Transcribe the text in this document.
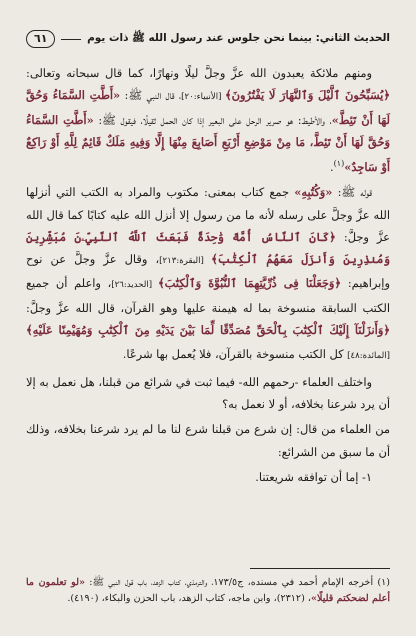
الحديث الثاني: بينما نحن جلوس عند رسول الله ﷺ ذات يوم
٦١

ومنهم ملائكة يعبدون الله عزَّ وجلَّ ليلًا ونهارًا، كما قال سبحانه وتعالى: ﴿يُسَبِّحُونَ ٱلَّيْلَ وَٱلنَّهَارَ لَا يَفْتُرُونَ﴾ [الأنبياء:٢٠]، قال النبي ﷺ: «أَطَّتِ السَّمَاءُ وَحُقَّ لَهَا أَنْ تَئِطَّ»، والأطيط: هو صرير الرحل على البعير إذا كان الحمل ثقيلًا، فيقول ﷺ: «أَطَّتِ السَّمَاءُ وَحُقَّ لَهَا أَنْ تَئِطَّ، مَا مِنْ مَوْضِعِ أَرْبَعِ أَصَابِعَ مِنْهَا إِلَّا وَفِيهِ مَلَكٌ قَائِمٌ لِلَّهِ أَوْ رَاكِعٌ أَوْ سَاجِدٌ»$^{(١)}$.

قوله ﷺ: «وَكُتُبِهِ» جمع كتاب بمعنى: مكتوب والمراد به الكتب التي أنزلها الله عزَّ وجلَّ على رسله لأنه ما من رسول إلا أنزل الله عليه كتابًا كما قال الله عزَّ وجلَّ: ﴿كَانَ ٱلنَّاسُ أُمَّةً وَٰحِدَةً فَبَعَثَ ٱللَّهُ ٱلنَّبِيِّۦنَ مُبَشِّرِينَ وَمُنذِرِينَ وَأَنزَلَ مَعَهُمُ ٱلْكِتَٰبَ﴾ [البقرة:٢١٣]، وقال عزَّ وجلَّ عن نوح وإبراهيم: ﴿وَجَعَلْنَا فِى ذُرِّيَّتِهِمَا ٱلنُّبُوَّةَ وَٱلْكِتَٰبَ﴾ [الحديد:٢٦]، واعلم أن جميع الكتب السابقة منسوخة بما له هيمنة عليها وهو القرآن، قال الله عزَّ وجلَّ: ﴿وَأَنزَلْنَآ إِلَيْكَ ٱلْكِتَٰبَ بِٱلْحَقِّ مُصَدِّقًا لِّمَا بَيْنَ يَدَيْهِ مِنَ ٱلْكِتَٰبِ وَمُهَيْمِنًا عَلَيْهِ﴾ [المائدة:٤٨] كل الكتب منسوخة بالقرآن، فلا يُعمل بها شرعًا.

واختلف العلماء -رحمهم الله- فيما ثبت في شرائع من قبلنا، هل نعمل به إلا أن يرد شرعنا بخلافه، أو لا نعمل به؟

من العلماء من قال: إن شرع من قبلنا شرع لنا ما لم يرد شرعنا بخلافه، وذلك أن ما سبق من الشرائع:

١- إما أن توافقه شريعتنا.

(١) أخرجه الإمام أحمد في مسنده، ج١٧٣/٥، والترمذي، كتاب الزهد، باب قول النبي ﷺ: «لو تعلمون ما أعلم لضحكتم قليلًا»، (٢٣١٢)، وابن ماجه، كتاب الزهد، باب الحزن والبكاء، (٤١٩٠).
